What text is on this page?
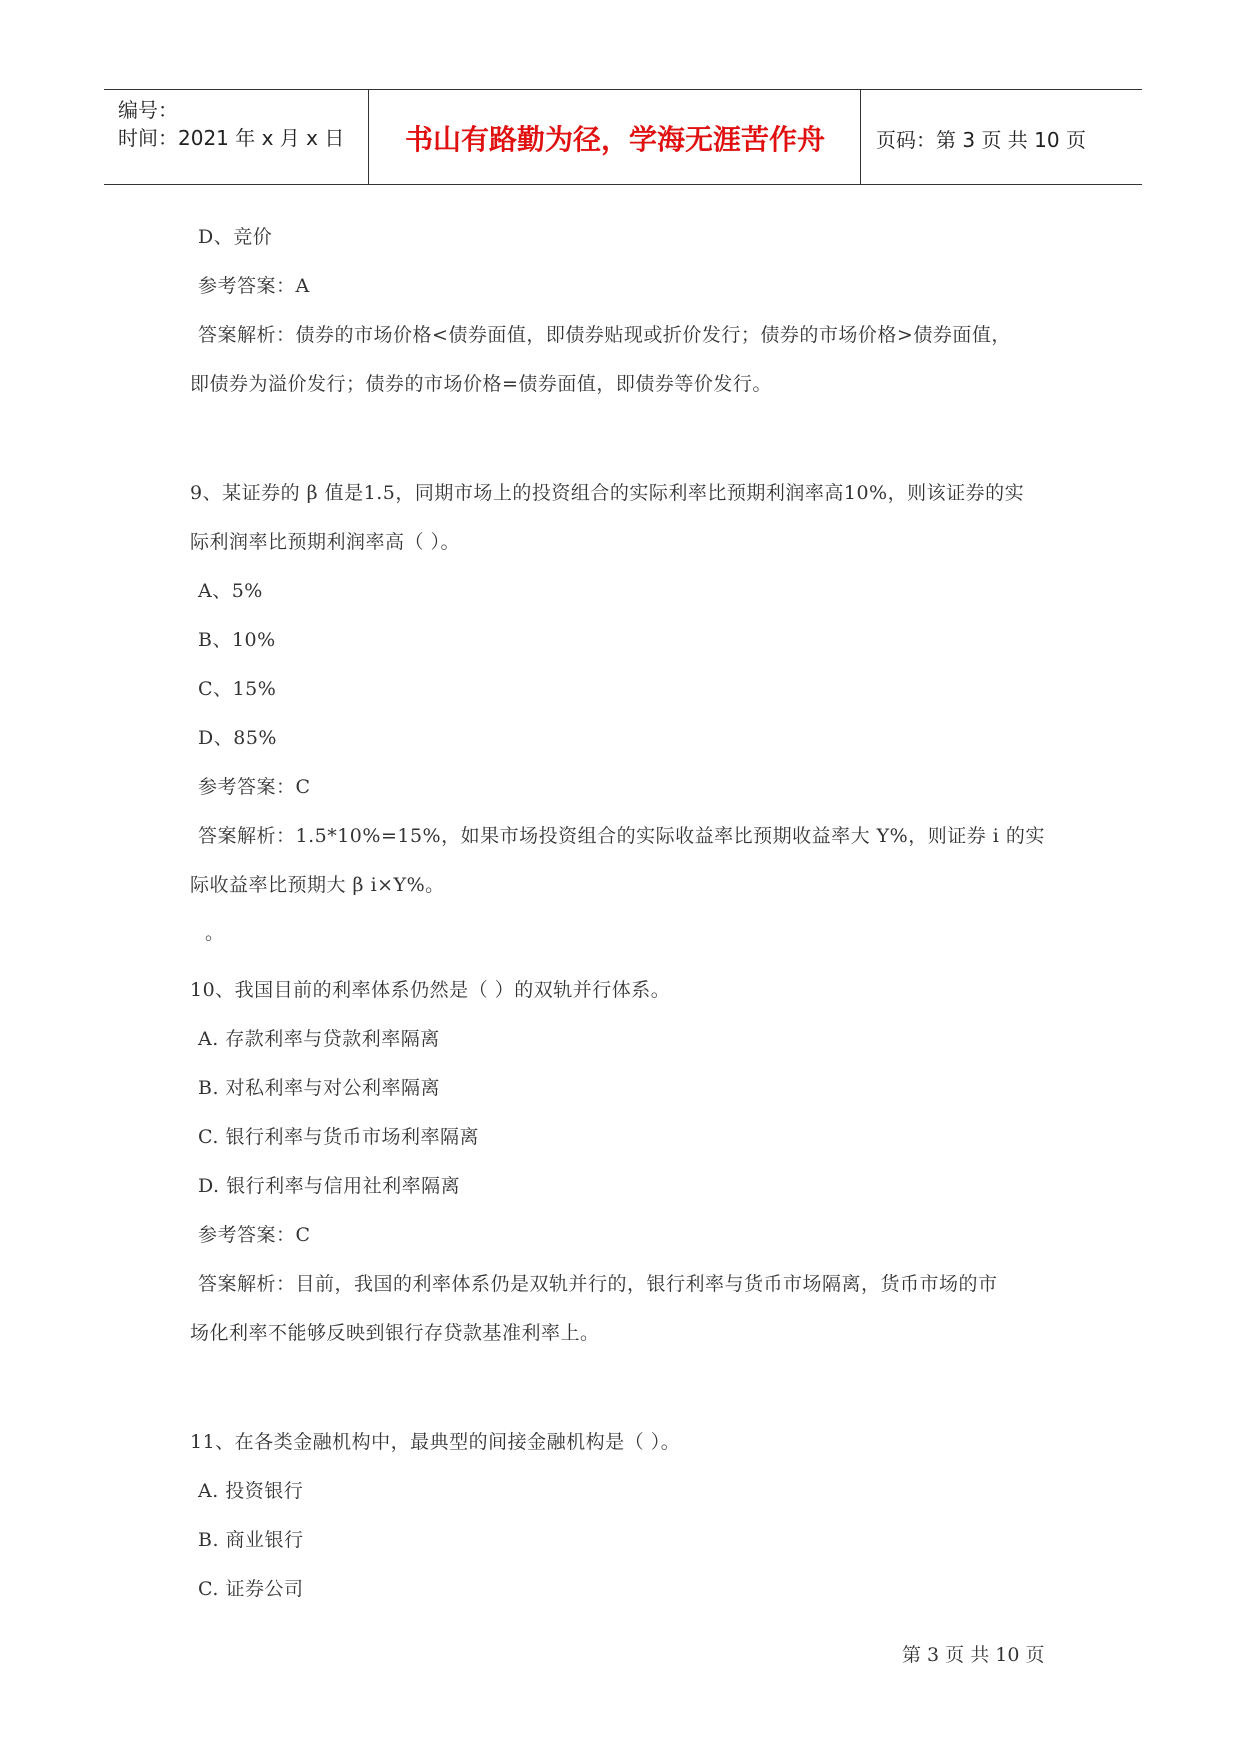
编号：
时间：2021 年 x 月 x 日	书山有路勤为径，学海无涯苦作舟	页码：第 3 页 共 10 页
D、竞价
参考答案：A
答案解析：债券的市场价格<债券面值，即债券贴现或折价发行；债券的市场价格>债券面值，
即债券为溢价发行；债券的市场价格=债券面值，即债券等价发行。
9、某证券的 β 值是1.5，同期市场上的投资组合的实际利率比预期利润率高10%，则该证券的实
际利润率比预期利润率高（ ）。
A、5%
B、10%
C、15%
D、85%
参考答案：C
答案解析：1.5*10%=15%，如果市场投资组合的实际收益率比预期收益率大 Y%，则证券 i 的实
际收益率比预期大 β i×Y%。
。
10、我国目前的利率体系仍然是（ ）的双轨并行体系。
A. 存款利率与贷款利率隔离
B. 对私利率与对公利率隔离
C. 银行利率与货币市场利率隔离
D. 银行利率与信用社利率隔离
参考答案：C
答案解析：目前，我国的利率体系仍是双轨并行的，银行利率与货币市场隔离，货币市场的市
场化利率不能够反映到银行存贷款基准利率上。
11、在各类金融机构中，最典型的间接金融机构是（ ）。
A. 投资银行
B. 商业银行
C. 证券公司
第 3 页 共 10 页
